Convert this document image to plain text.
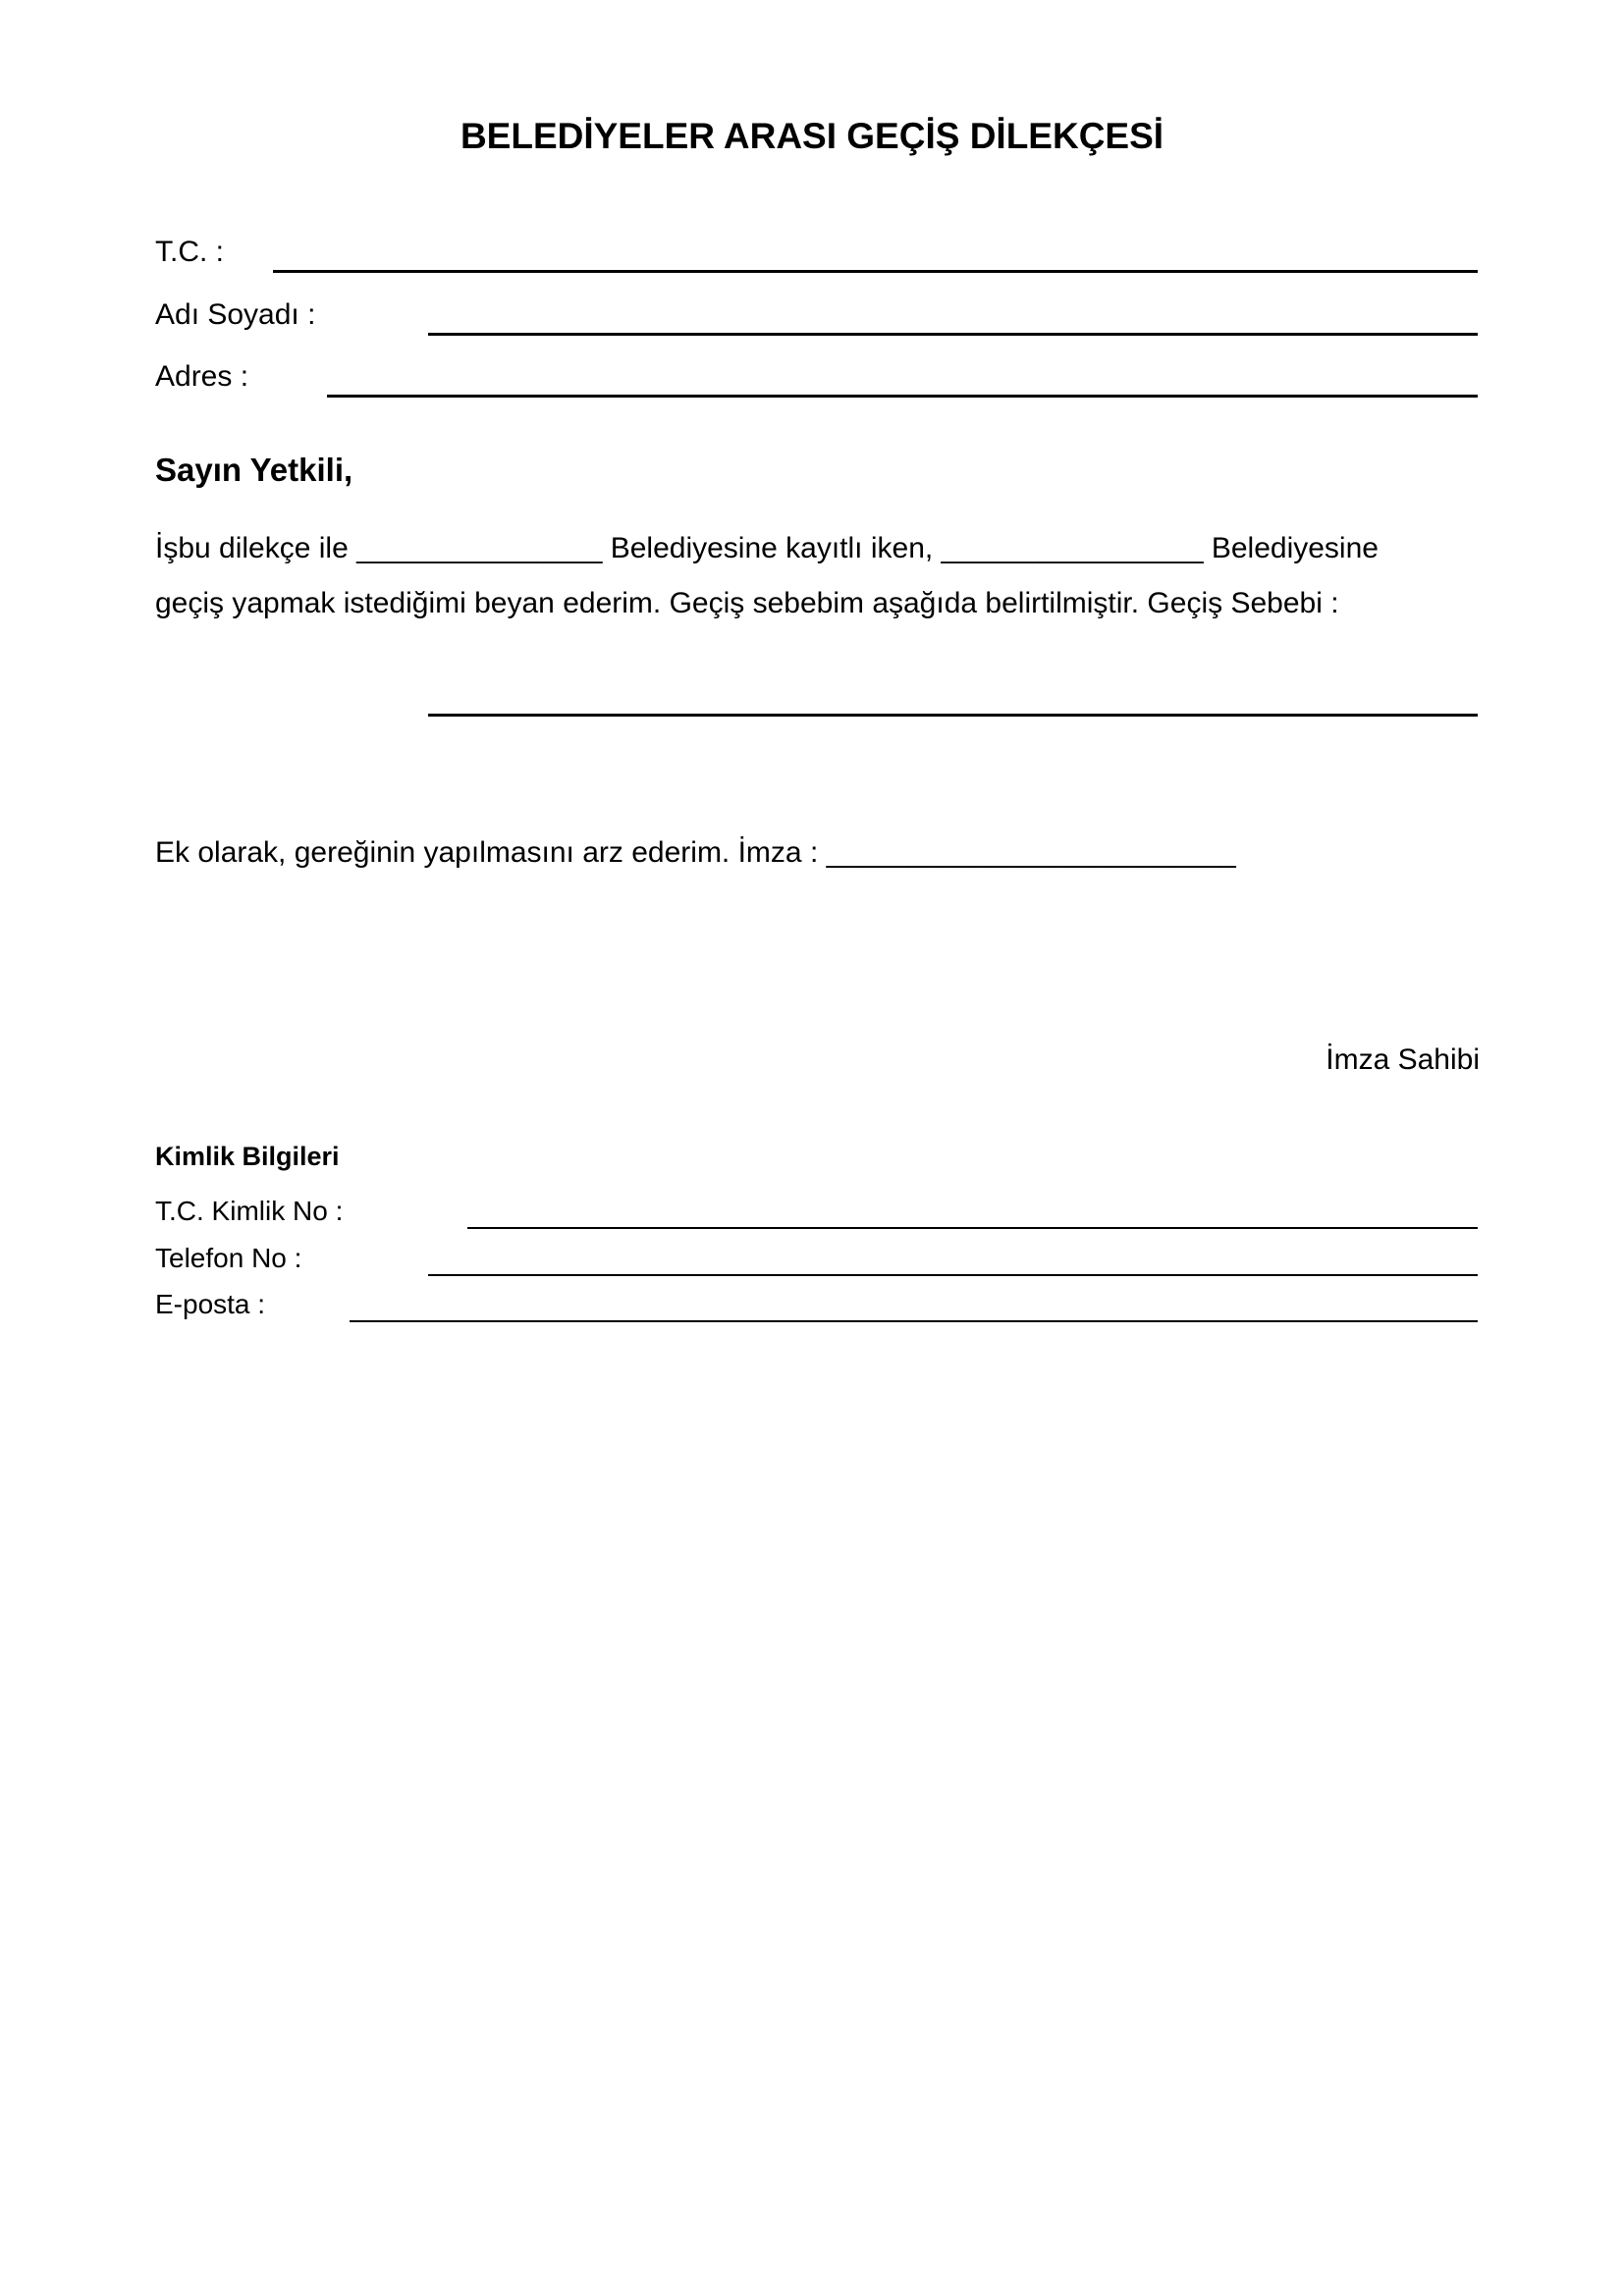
BELEDİYELER ARASI GEÇİŞ DİLEKÇESİ
T.C. :
Adı Soyadı :
Adres :
Sayın Yetkili,
İşbu dilekçe ile _______________ Belediyesine kayıtlı iken, ________________ Belediyesine
geçiş yapmak istediğimi beyan ederim. Geçiş sebebim aşağıda belirtilmiştir. Geçiş Sebebi :
Ek olarak, gereğinin yapılmasını arz ederim. İmza : _________________________
İmza Sahibi
Kimlik Bilgileri
T.C. Kimlik No :
Telefon No :
E-posta :
